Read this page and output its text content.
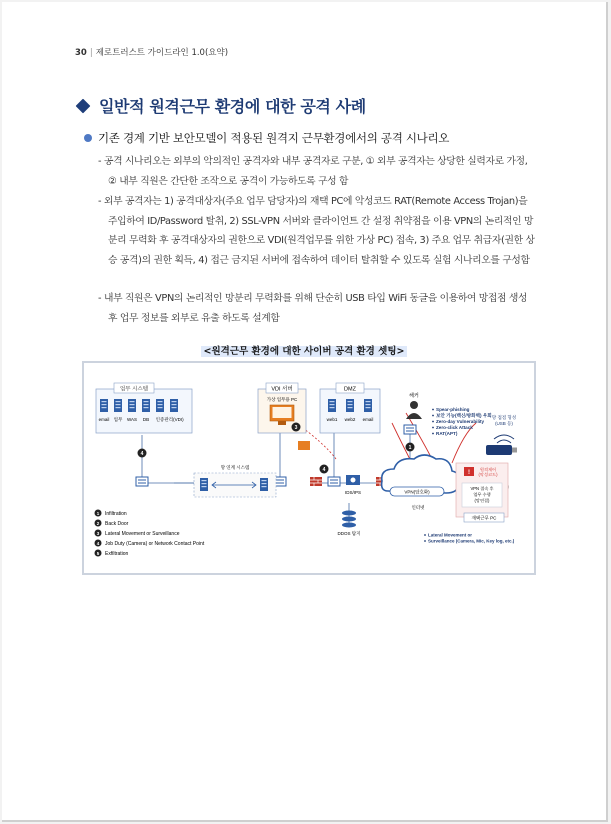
30 | 제로트러스트 가이드라인 1.0(요약)
일반적 원격근무 환경에 대한 공격 사례
기존 경계 기반 보안모델이 적용된 원격지 근무환경에서의 공격 시나리오

- 공격 시나리오는 외부의 악의적인 공격자와 내부 공격자로 구분, ① 외부 공격자는 상당한 실력자로 가정, ② 내부 직원은 간단한 조작으로 공격이 가능하도록 구성 함

- 외부 공격자는 1) 공격대상자(주요 업무 담당자)의 재택 PC에 악성코드 RAT(Remote Access Trojan)을 주입하여 ID/Password 탈취, 2) SSL-VPN 서버와 클라이언트 간 설정 취약점을 이용 VPN의 논리적인 망분리 무력화 후 공격대상자의 권한으로 VDI(원격업무를 위한 가상 PC) 접속, 3) 주요 업무 취급자(권한 상승 공격)의 권한 획득, 4) 접근 금지된 서버에 접속하여 데이터 탈취할 수 있도록 실험 시나리오를 구성함

- 내부 직원은 VPN의 논리적인 망분리 무력화를 위해 단순히 USB 타입 WiFi 동글을 이용하여 망접점 생성 후 업무 정보를 외부로 유출 하도록 설계함

<원격근무 환경에 대한 사이버 공격 환경 셋팅>
업무 시스템
email 업무 WAS DB 인증 관리(VDI)
VDI 서버
가상 업무용 PC
DMZ
web1 web2 email
4
3
4
1
망 연계 시스템
IDS/IPS
DDOS 탐지
VPN(암호화)
인터넷
해커
Spear-phishing
보안 기능(백신/방화벽) 우회
Zero-day Vulnerability
Zero-click Attack
RAT(APT)
망 접점 형성
(USB 등)
!
원격제어
(악성코드)
VPN 접속 후
업무 수행
(망연결)
재택근무 PC
Lateral Movement or
Surveillance (Camera, Mic, Key log, etc.)
1 Infiltration
2 Back Door
3 Lateral Movement or Surveillance
4 Job Duty (Camera) or Network Contact Point
5 Exfiltration
